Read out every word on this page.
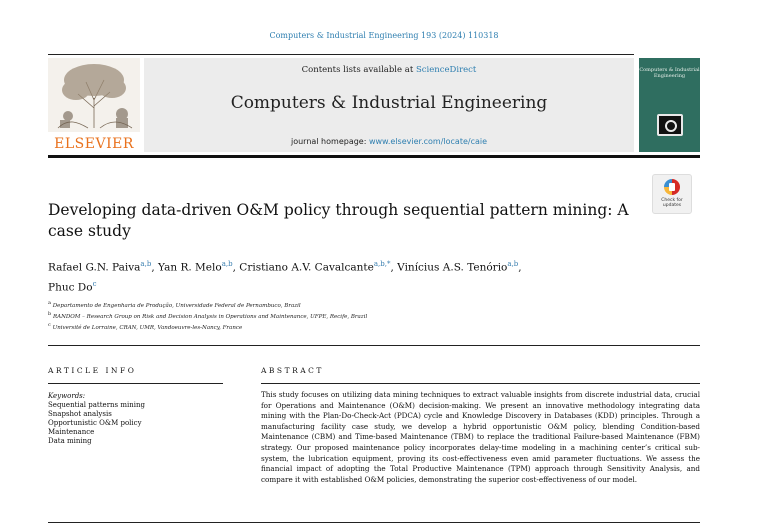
Computers & Industrial Engineering 193 (2024) 110318
ELSEVIER
Contents lists available at ScienceDirect
Computers & Industrial Engineering
journal homepage: www.elsevier.com/locate/caie
Computers & Industrial Engineering
Check for updates
Developing data-driven O&M policy through sequential pattern mining: A case study
Rafael G.N. Paiva$^{a,b}$, Yan R. Melo$^{a,b}$, Cristiano A.V. Cavalcante$^{a,b,*}$, Vinícius A.S. Tenório$^{a,b}$,
Phuc Do$^c$
$^a$ Departamento de Engenharia de Produção, Universidade Federal de Pernambuco, Brazil
$^b$ RANDOM – Research Group on Risk and Decision Analysis in Operations and Maintenance, UFPE, Recife, Brazil
$^c$ Université de Lorraine, CRAN, UMR, Vandoeuvre-les-Nancy, France
ARTICLE INFO	ABSTRACT
Keywords:
Sequential patterns mining
Snapshot analysis
Opportunistic O&M policy
Maintenance
Data mining
This study focuses on utilizing data mining techniques to extract valuable insights from discrete industrial data, crucial for Operations and Maintenance (O&M) decision-making. We present an innovative methodology integrating data mining with the Plan-Do-Check-Act (PDCA) cycle and Knowledge Discovery in Databases (KDD) principles. Through a manufacturing facility case study, we develop a hybrid opportunistic O&M policy, blending Condition-based Maintenance (CBM) and Time-based Maintenance (TBM) to replace the traditional Failure-based Maintenance (FBM) strategy. Our proposed maintenance policy incorporates delay-time modeling in a machining center’s critical sub-system, the lubrication equipment, proving its cost-effectiveness even amid parameter fluctuations. We assess the financial impact of adopting the Total Productive Maintenance (TPM) approach through Sensitivity Analysis, and compare it with established O&M policies, demonstrating the superior cost-effectiveness of our model.
